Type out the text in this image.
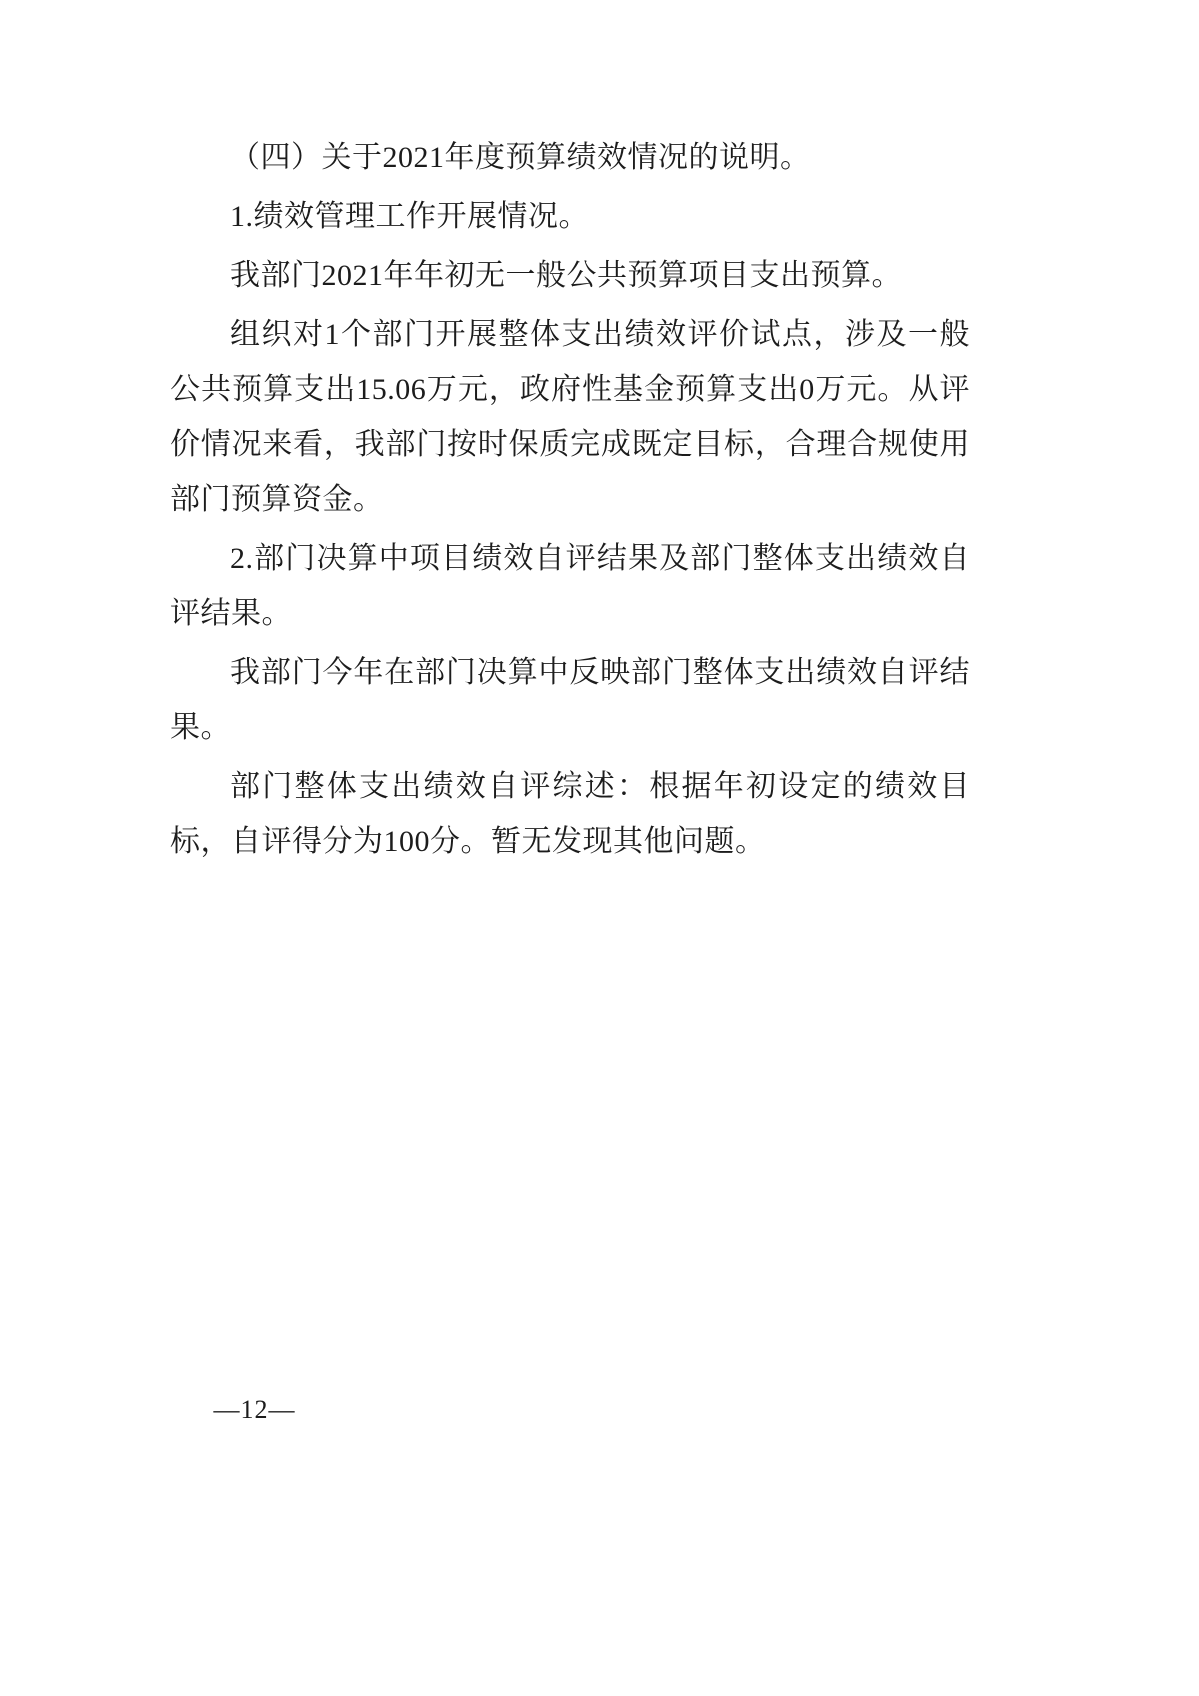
（四）关于2021年度预算绩效情况的说明。

1.绩效管理工作开展情况。

我部门2021年年初无一般公共预算项目支出预算。

组织对1个部门开展整体支出绩效评价试点，涉及一般公共预算支出15.06万元，政府性基金预算支出0万元。从评价情况来看，我部门按时保质完成既定目标，合理合规使用部门预算资金。

2.部门决算中项目绩效自评结果及部门整体支出绩效自评结果。

我部门今年在部门决算中反映部门整体支出绩效自评结果。

部门整体支出绩效自评综述：根据年初设定的绩效目标，自评得分为100分。暂无发现其他问题。

—12—
